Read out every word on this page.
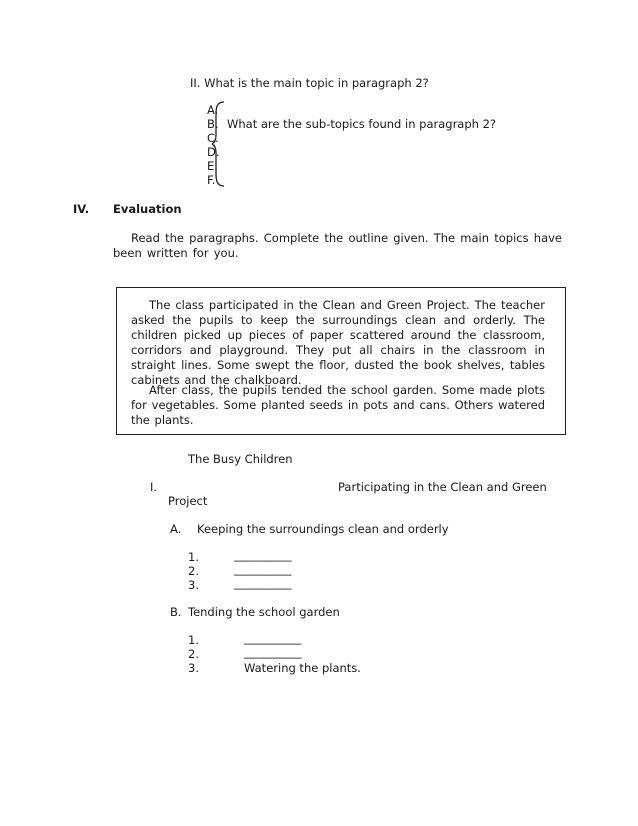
II. What is the main topic in paragraph 2?
A.
B.
C.
D.
E.
F.
What are the sub-topics found in paragraph 2?
IV. Evaluation
Read the paragraphs. Complete the outline given. The main topics have been written for you.

The class participated in the Clean and Green Project. The teacher asked the pupils to keep the surroundings clean and orderly. The children picked up pieces of paper scattered around the classroom, corridors and playground. They put all chairs in the classroom in straight lines. Some swept the floor, dusted the book shelves, tables cabinets and the chalkboard.

After class, the pupils tended the school garden. Some made plots for vegetables. Some planted seeds in pots and cans. Others watered the plants.

The Busy Children
I.	Participating in the Clean and Green
Project
A. Keeping the surroundings clean and orderly
1.	__________
2.	__________
3.	__________
B. Tending the school garden
1.	__________
2.	__________
3.	Watering the plants.
